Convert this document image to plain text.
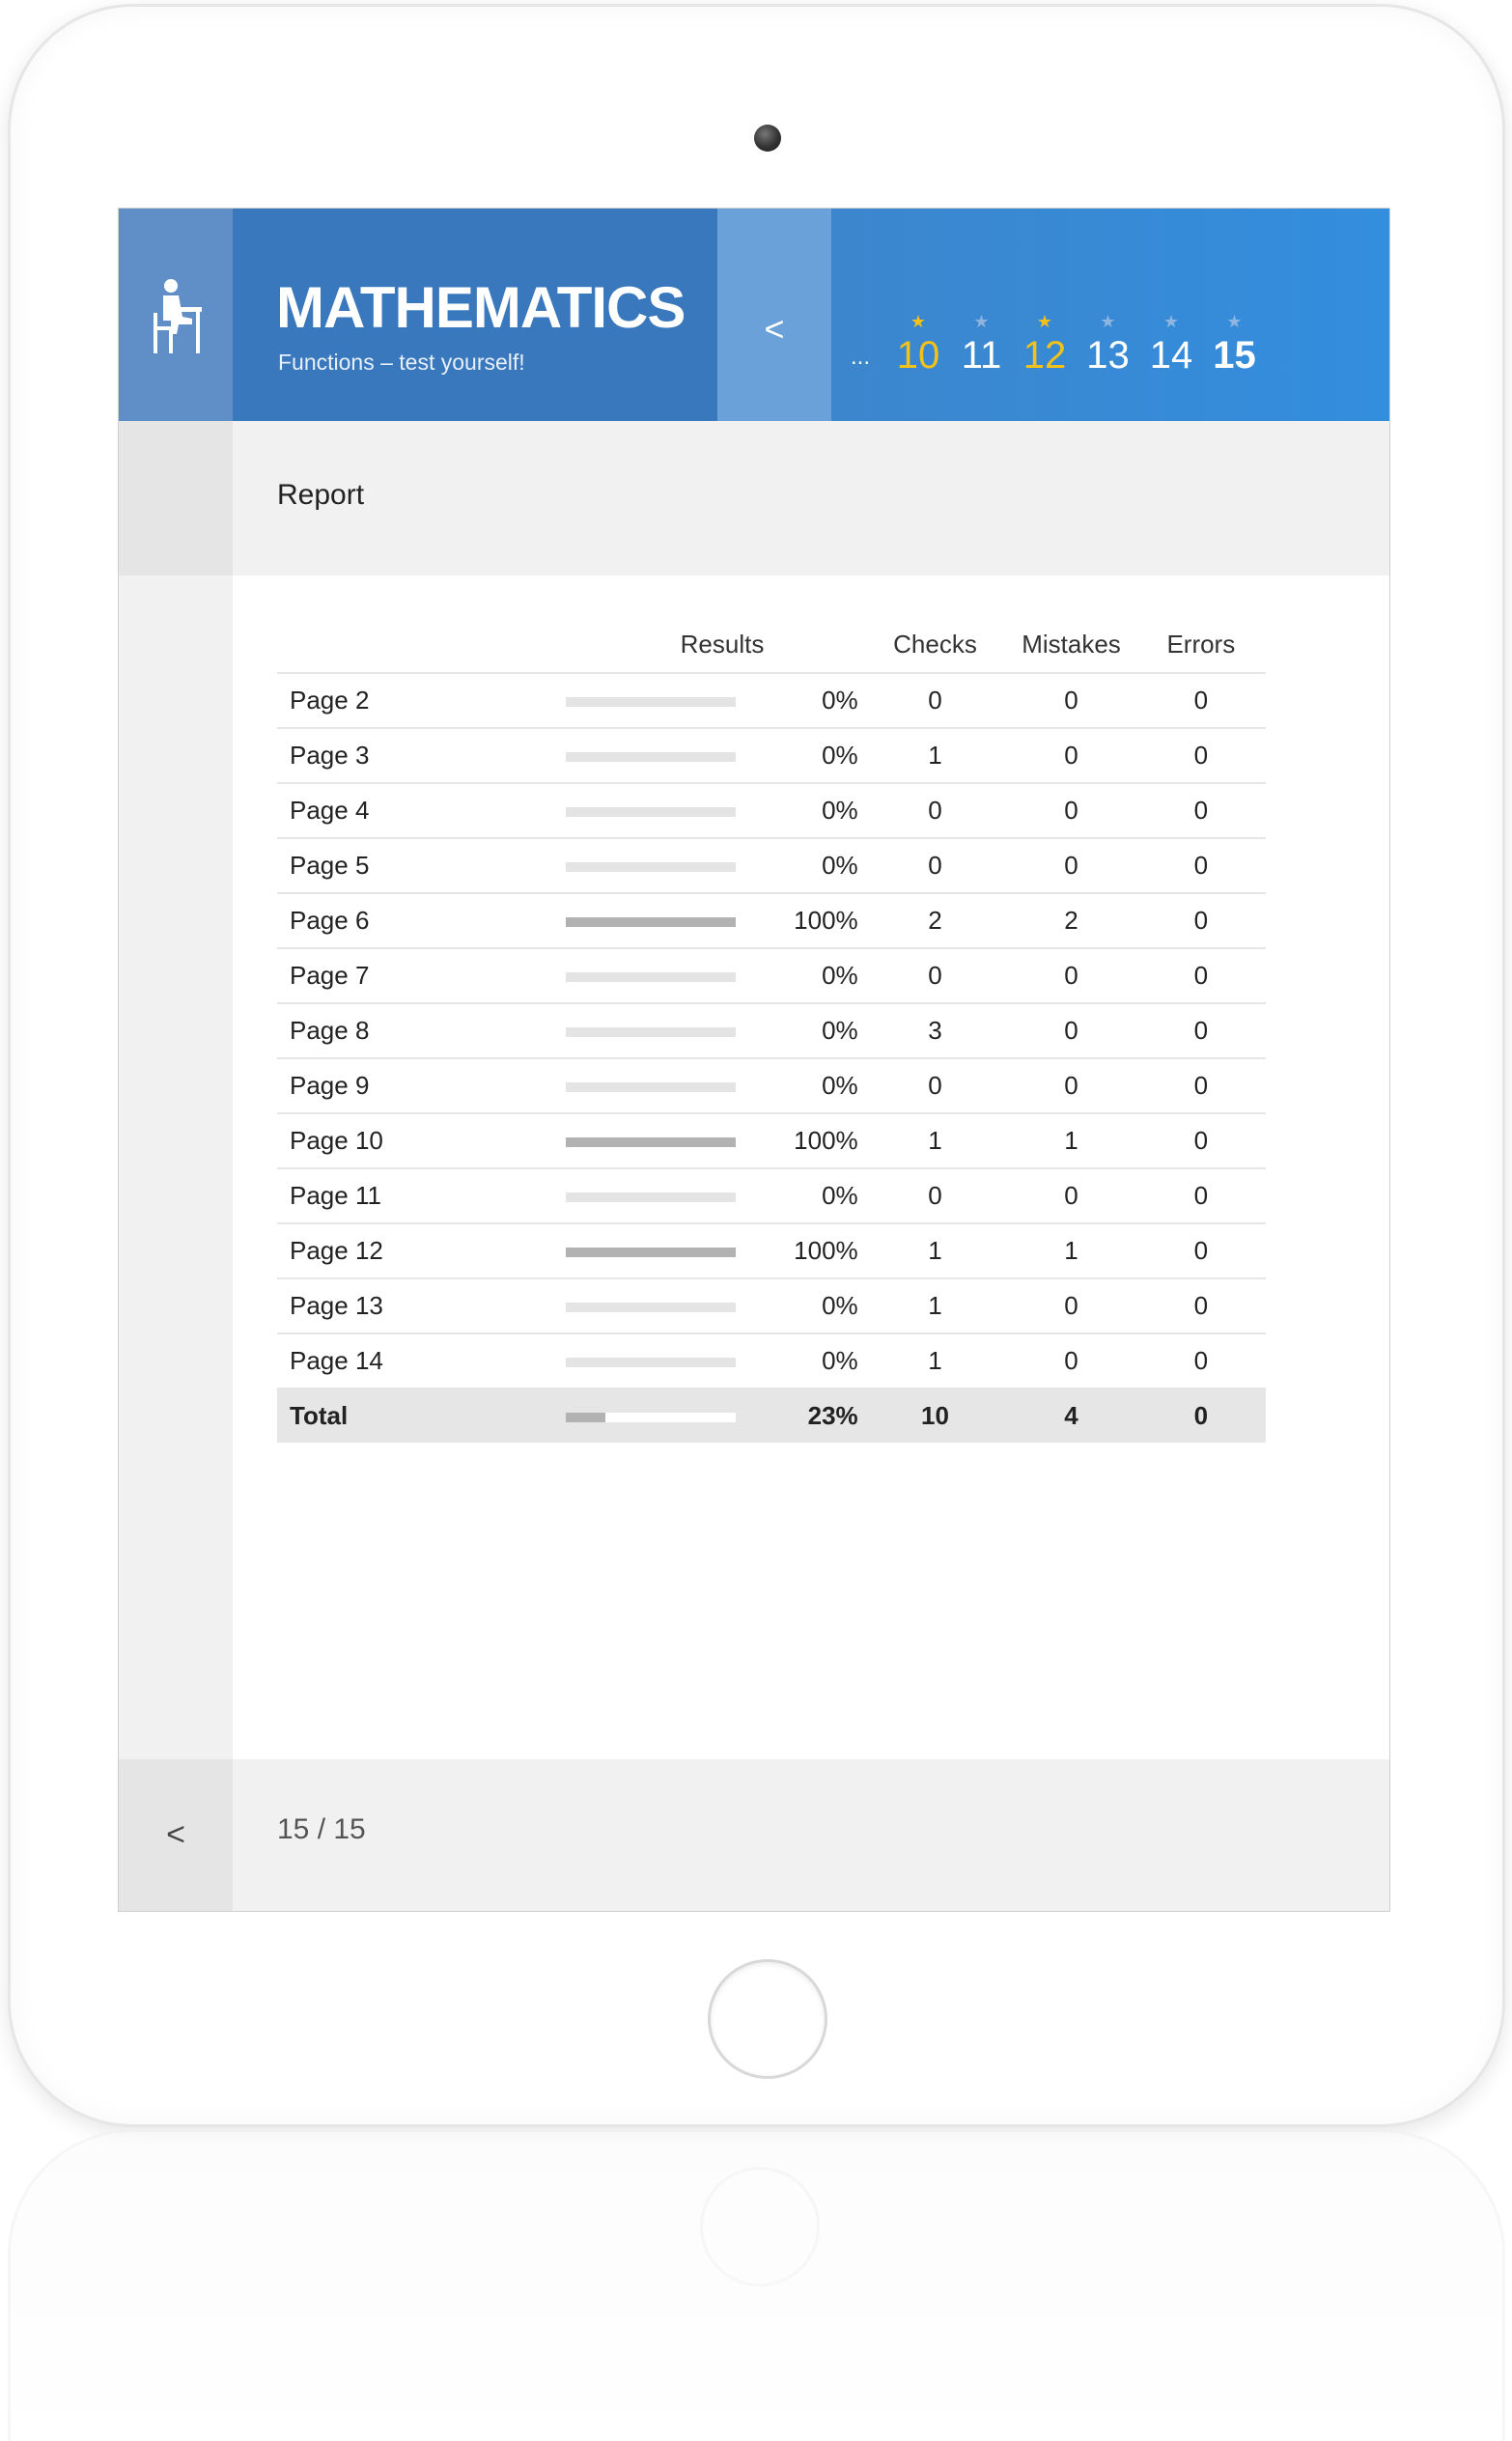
MATHEMATICS
Functions – test yourself!
<
...
★
10
★
11
★
12
★
13
★
14
★
15
Report
	Results		Checks	Mistakes	Errors
Page 2		0%	0	0	0
Page 3		0%	1	0	0
Page 4		0%	0	0	0
Page 5		0%	0	0	0
Page 6		100%	2	2	0
Page 7		0%	0	0	0
Page 8		0%	3	0	0
Page 9		0%	0	0	0
Page 10		100%	1	1	0
Page 11		0%	0	0	0
Page 12		100%	1	1	0
Page 13		0%	1	0	0
Page 14		0%	1	0	0
Total		23%	10	4	0
<	15 / 15
